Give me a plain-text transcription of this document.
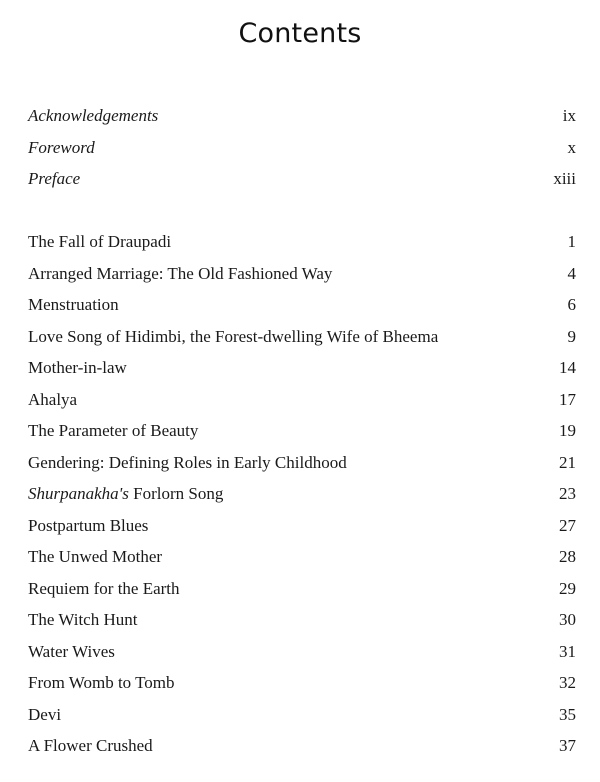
Contents
Acknowledgements	ix
Foreword	x
Preface	xiii
The Fall of Draupadi	1
Arranged Marriage: The Old Fashioned Way	4
Menstruation	6
Love Song of Hidimbi, the Forest-dwelling Wife of Bheema	9
Mother-in-law	14
Ahalya	17
The Parameter of Beauty	19
Gendering: Defining Roles in Early Childhood	21
Shurpanakha's Forlorn Song	23
Postpartum Blues	27
The Unwed Mother	28
Requiem for the Earth	29
The Witch Hunt	30
Water Wives	31
From Womb to Tomb	32
Devi	35
A Flower Crushed	37
